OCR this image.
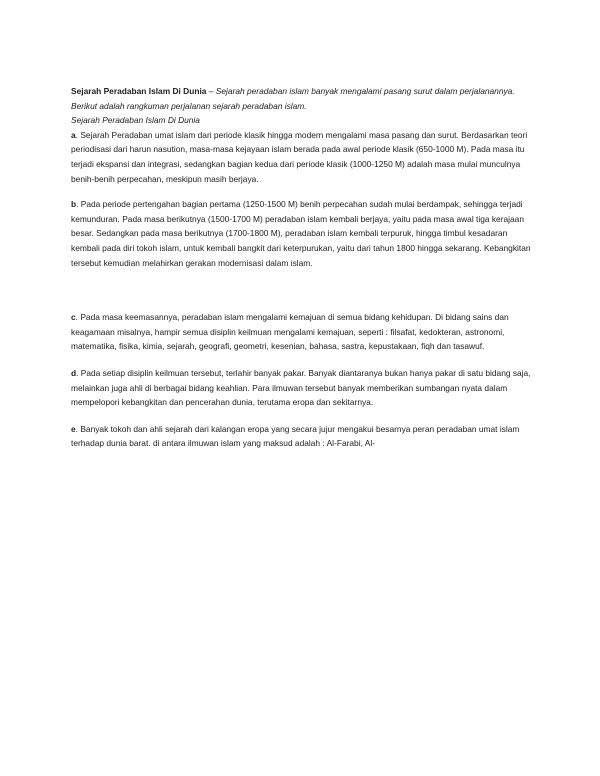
Sejarah Peradaban Islam Di Dunia – Sejarah peradaban islam banyak mengalami pasang surut dalam perjalanannya. Berikut adalah rangkuman perjalanan sejarah peradaban islam.

Sejarah Peradaban Islam Di Dunia

a. Sejarah Peradaban umat islam dari periode klasik hingga modern mengalami masa pasang dan surut. Berdasarkan teori periodisasi dari harun nasution, masa-masa kejayaan islam berada pada awal periode klasik (650-1000 M). Pada masa itu terjadi ekspansi dan integrasi, sedangkan bagian kedua dari periode klasik (1000-1250 M) adalah masa mulai munculnya benih-benih perpecahan, meskipun masih berjaya.

b. Pada periode pertengahan bagian pertama (1250-1500 M) benih perpecahan sudah mulai berdampak, sehingga terjadi kemunduran. Pada masa berikutnya (1500-1700 M) peradaban islam kembali berjaya, yaitu pada masa awal tiga kerajaan besar. Sedangkan pada masa berikutnya (1700-1800 M), peradaban islam kembali terpuruk, hingga timbul kesadaran kembali pada diri tokoh islam, untuk kembali bangkit dari keterpurukan, yaitu dari tahun 1800 hingga sekarang. Kebangkitan tersebut kemudian melahirkan gerakan modernisasi dalam islam.

c. Pada masa keemasannya, peradaban islam mengalami kemajuan di semua bidang kehidupan. Di bidang sains dan keagamaan misalnya, hampir semua disiplin keilmuan mengalami kemajuan, seperti : filsafat, kedokteran, astronomi, matematika, fisika, kimia, sejarah, geografi, geometri, kesenian, bahasa, sastra, kepustakaan, fiqh dan tasawuf.

d. Pada setiap disiplin keilmuan tersebut, terlahir banyak pakar. Banyak diantaranya bukan hanya pakar di satu bidang saja, melainkan juga ahli di berbagai bidang keahlian. Para ilmuwan tersebut banyak memberikan sumbangan nyata dalam mempelopori kebangkitan dan pencerahan dunia, terutama eropa dan sekitarnya.

e. Banyak tokoh dan ahli sejarah dari kalangan eropa yang secara jujur mengakui besarnya peran peradaban umat islam terhadap dunia barat. di antara ilmuwan islam yang maksud adalah : Al-Farabi, Al-
